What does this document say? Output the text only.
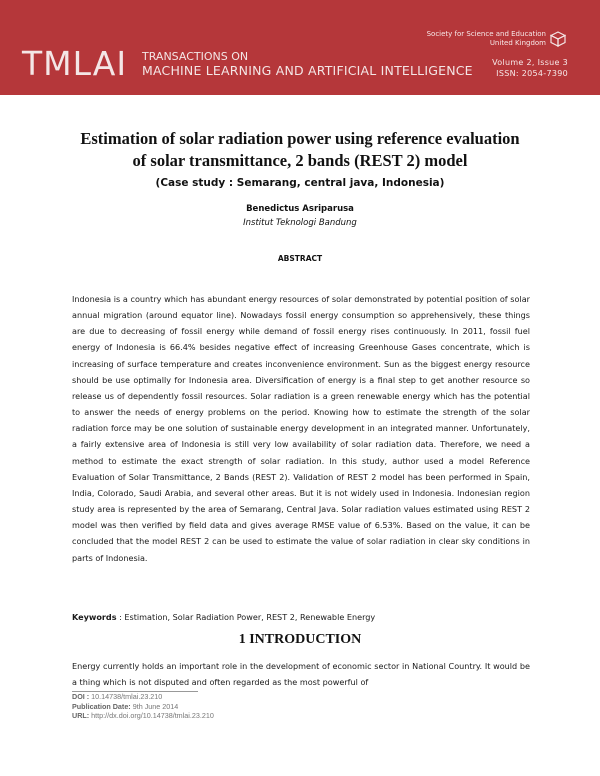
TMLAI TRANSACTIONS ON
MACHINE LEARNING AND ARTIFICIAL INTELLIGENCE
Society for Science and Education
United Kingdom
Volume 2, Issue 3
ISSN: 2054-7390
Estimation of solar radiation power using reference evaluation
of solar transmittance, 2 bands (REST 2) model
(Case study : Semarang, central java, Indonesia)
Benedictus Asriparusa
Institut Teknologi Bandung
ABSTRACT
Indonesia is a country which has abundant energy resources of solar demonstrated by potential position of solar annual migration (around equator line). Nowadays fossil energy consumption so apprehensively, these things are due to decreasing of fossil energy while demand of fossil energy rises continuously. In 2011, fossil fuel energy of Indonesia is 66.4% besides negative effect of increasing Greenhouse Gases concentrate, which is increasing of surface temperature and creates inconvenience environment. Sun as the biggest energy resource should be use optimally for Indonesia area. Diversification of energy is a final step to get another resource so release us of dependently fossil resources. Solar radiation is a green renewable energy which has the potential to answer the needs of energy problems on the period. Knowing how to estimate the strength of the solar radiation force may be one solution of sustainable energy development in an integrated manner. Unfortunately, a fairly extensive area of Indonesia is still very low availability of solar radiation data. Therefore, we need a method to estimate the exact strength of solar radiation. In this study, author used a model Reference Evaluation of Solar Transmittance, 2 Bands (REST 2). Validation of REST 2 model has been performed in Spain, India, Colorado, Saudi Arabia, and several other areas. But it is not widely used in Indonesia. Indonesian region study area is represented by the area of Semarang, Central Java. Solar radiation values estimated using REST 2 model was then verified by field data and gives average RMSE value of 6.53%. Based on the value, it can be concluded that the model REST 2 can be used to estimate the value of solar radiation in clear sky conditions in parts of Indonesia.
Keywords : Estimation, Solar Radiation Power, REST 2, Renewable Energy
1 INTRODUCTION
Energy currently holds an important role in the development of economic sector in National Country. It would be a thing which is not disputed and often regarded as the most powerful of
DOI : 10.14738/tmlai.23.210
Publication Date: 9th June 2014
URL: http://dx.doi.org/10.14738/tmlai.23.210
